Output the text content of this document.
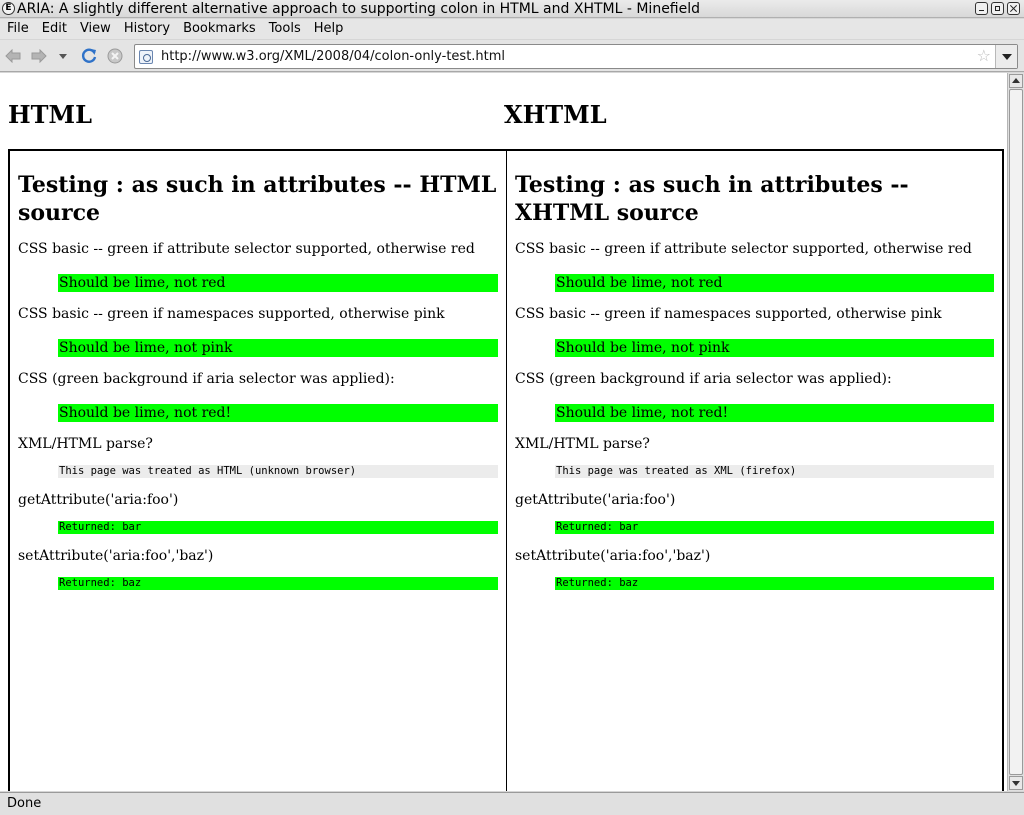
E ARIA: A slightly different alternative approach to supporting colon in HTML and XHTML - Minefield
File	Edit	View	History	Bookmarks	Tools	Help
http://www.w3.org/XML/2008/04/colon-only-test.html	☆
HTML	XHTML
Testing : as such in attributes -- HTML source

CSS basic -- green if attribute selector supported, otherwise red

Should be lime, not red

CSS basic -- green if namespaces supported, otherwise pink

Should be lime, not pink

CSS (green background if aria selector was applied):

Should be lime, not red!

XML/HTML parse?

This page was treated as HTML (unknown browser)

getAttribute('aria:foo')

Returned: bar

setAttribute('aria:foo','baz')

Returned: baz
Testing : as such in attributes -- XHTML source

CSS basic -- green if attribute selector supported, otherwise red

Should be lime, not red

CSS basic -- green if namespaces supported, otherwise pink

Should be lime, not pink

CSS (green background if aria selector was applied):

Should be lime, not red!

XML/HTML parse?

This page was treated as XML (firefox)

getAttribute('aria:foo')

Returned: bar

setAttribute('aria:foo','baz')

Returned: baz
Done
